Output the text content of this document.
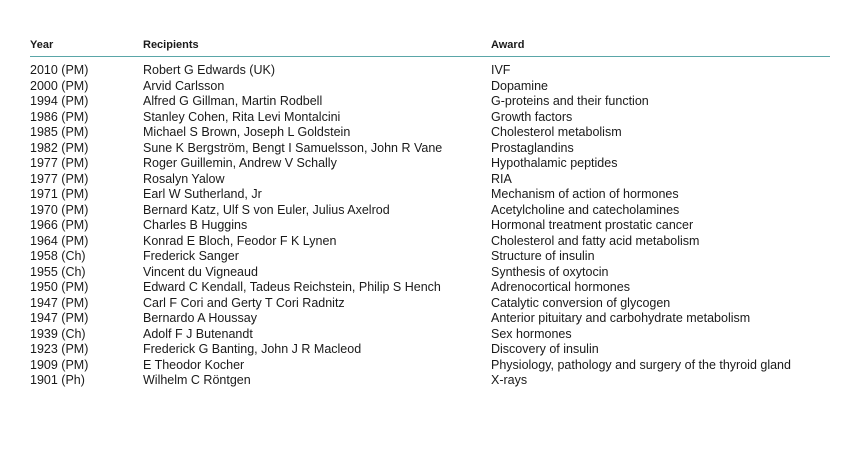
Year	Recipients	Award
2010 (PM)	Robert G Edwards (UK)	IVF
2000 (PM)	Arvid Carlsson	Dopamine
1994 (PM)	Alfred G Gillman, Martin Rodbell	G-proteins and their function
1986 (PM)	Stanley Cohen, Rita Levi Montalcini	Growth factors
1985 (PM)	Michael S Brown, Joseph L Goldstein	Cholesterol metabolism
1982 (PM)	Sune K Bergström, Bengt I Samuelsson, John R Vane	Prostaglandins
1977 (PM)	Roger Guillemin, Andrew V Schally	Hypothalamic peptides
1977 (PM)	Rosalyn Yalow	RIA
1971 (PM)	Earl W Sutherland, Jr	Mechanism of action of hormones
1970 (PM)	Bernard Katz, Ulf S von Euler, Julius Axelrod	Acetylcholine and catecholamines
1966 (PM)	Charles B Huggins	Hormonal treatment prostatic cancer
1964 (PM)	Konrad E Bloch, Feodor F K Lynen	Cholesterol and fatty acid metabolism
1958 (Ch)	Frederick Sanger	Structure of insulin
1955 (Ch)	Vincent du Vigneaud	Synthesis of oxytocin
1950 (PM)	Edward C Kendall, Tadeus Reichstein, Philip S Hench	Adrenocortical hormones
1947 (PM)	Carl F Cori and Gerty T Cori Radnitz	Catalytic conversion of glycogen
1947 (PM)	Bernardo A Houssay	Anterior pituitary and carbohydrate metabolism
1939 (Ch)	Adolf F J Butenandt	Sex hormones
1923 (PM)	Frederick G Banting, John J R Macleod	Discovery of insulin
1909 (PM)	E Theodor Kocher	Physiology, pathology and surgery of the thyroid gland
1901 (Ph)	Wilhelm C Röntgen	X-rays
